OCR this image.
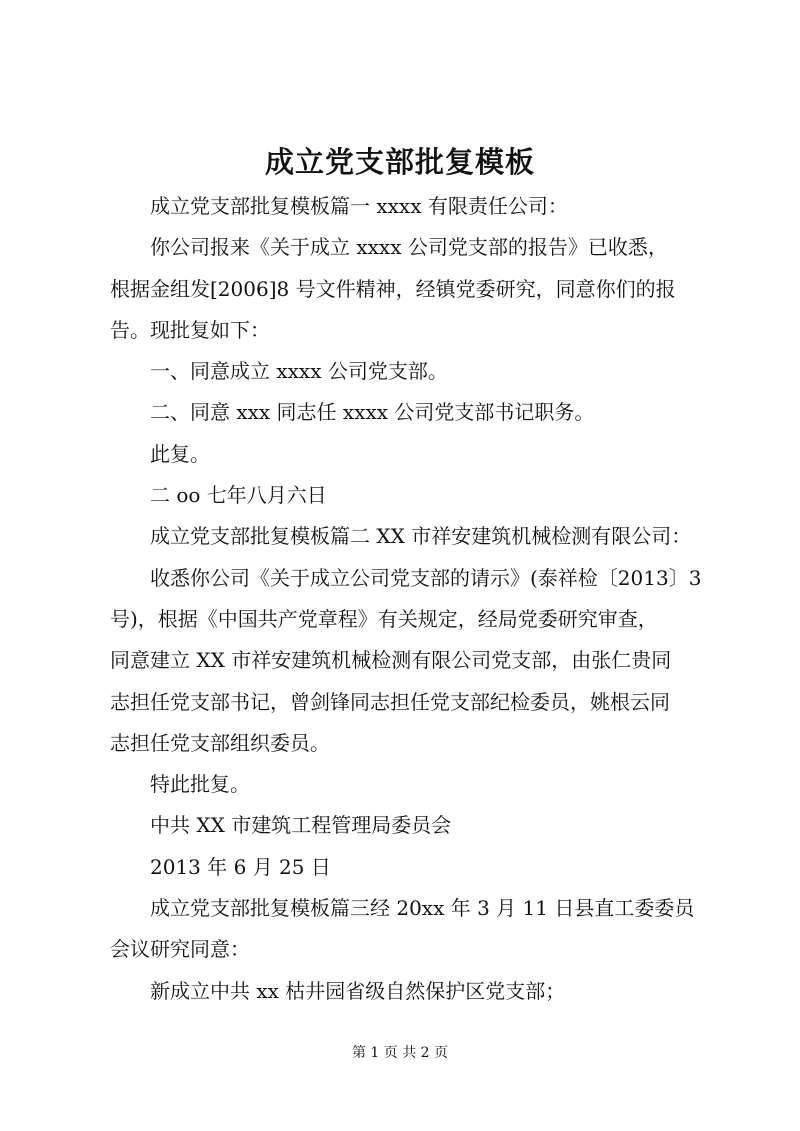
成立党支部批复模板
成立党支部批复模板篇一 xxxx 有限责任公司：
你公司报来《关于成立 xxxx 公司党支部的报告》已收悉，
根据金组发[2006]8 号文件精神，经镇党委研究，同意你们的报
告。现批复如下：
一、同意成立 xxxx 公司党支部。
二、同意 xxx 同志任 xxxx 公司党支部书记职务。
此复。
二 oo 七年八月六日
成立党支部批复模板篇二 XX 市祥安建筑机械检测有限公司：
收悉你公司《关于成立公司党支部的请示》(泰祥检〔2013〕3
号)，根据《中国共产党章程》有关规定，经局党委研究审查，
同意建立 XX 市祥安建筑机械检测有限公司党支部，由张仁贵同
志担任党支部书记，曾剑锋同志担任党支部纪检委员，姚根云同
志担任党支部组织委员。
特此批复。
中共 XX 市建筑工程管理局委员会
2013 年 6 月 25 日
成立党支部批复模板篇三经 20xx 年 3 月 11 日县直工委委员
会议研究同意：
新成立中共 xx 枯井园省级自然保护区党支部；
第 1 页 共 2 页
